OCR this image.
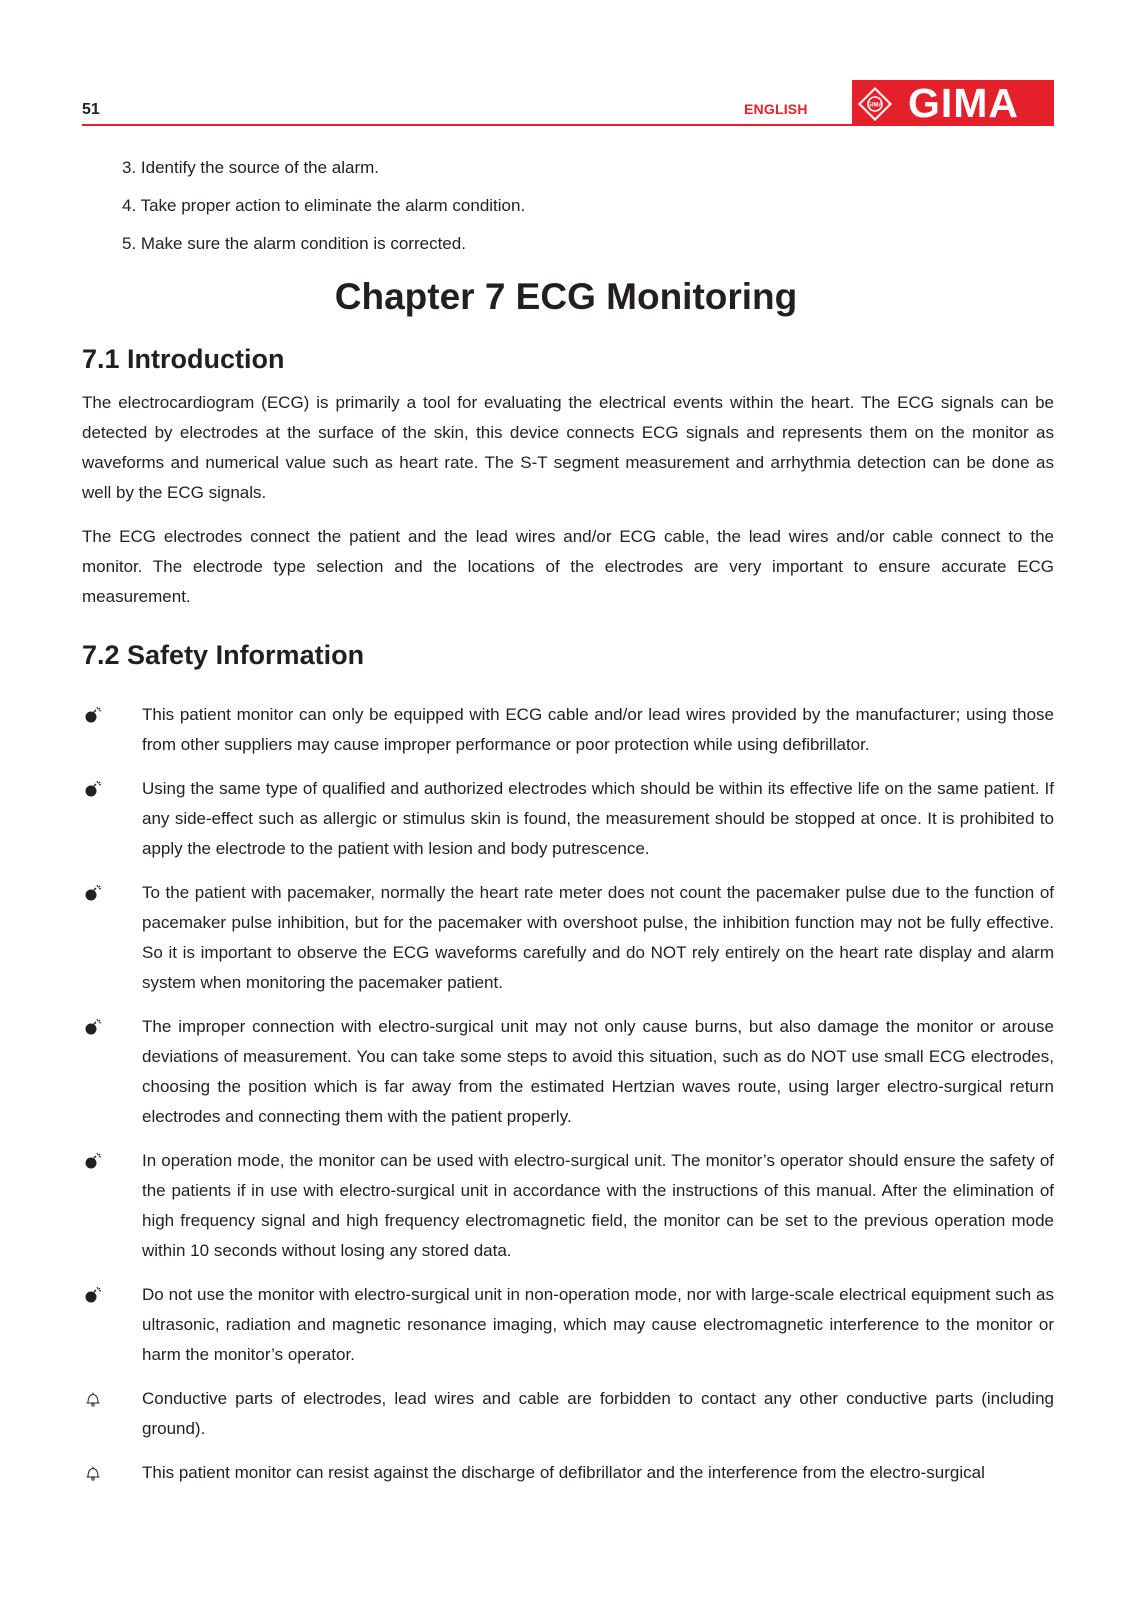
51	ENGLISH	GIMA GIMA
3. Identify the source of the alarm.
4. Take proper action to eliminate the alarm condition.
5. Make sure the alarm condition is corrected.
Chapter 7 ECG Monitoring
7.1 Introduction

The electrocardiogram (ECG) is primarily a tool for evaluating the electrical events within the heart. The ECG signals can be detected by electrodes at the surface of the skin, this device connects ECG signals and represents them on the monitor as waveforms and numerical value such as heart rate. The S-T segment measurement and arrhythmia detection can be done as well by the ECG signals.

The ECG electrodes connect the patient and the lead wires and/or ECG cable, the lead wires and/or cable connect to the monitor. The electrode type selection and the locations of the electrodes are very important to ensure accurate ECG measurement.

7.2 Safety Information
This patient monitor can only be equipped with ECG cable and/or lead wires provided by the manufacturer; using those from other suppliers may cause improper performance or poor protection while using defibrillator.
Using the same type of qualified and authorized electrodes which should be within its effective life on the same patient. If any side-effect such as allergic or stimulus skin is found, the measurement should be stopped at once. It is prohibited to apply the electrode to the patient with lesion and body putrescence.
To the patient with pacemaker, normally the heart rate meter does not count the pacemaker pulse due to the function of pacemaker pulse inhibition, but for the pacemaker with overshoot pulse, the inhibition function may not be fully effective. So it is important to observe the ECG waveforms carefully and do NOT rely entirely on the heart rate display and alarm system when monitoring the pacemaker patient.
The improper connection with electro-surgical unit may not only cause burns, but also damage the monitor or arouse deviations of measurement. You can take some steps to avoid this situation, such as do NOT use small ECG electrodes, choosing the position which is far away from the estimated Hertzian waves route, using larger electro-surgical return electrodes and connecting them with the patient properly.
In operation mode, the monitor can be used with electro-surgical unit. The monitor’s operator should ensure the safety of the patients if in use with electro-surgical unit in accordance with the instructions of this manual. After the elimination of high frequency signal and high frequency electromagnetic field, the monitor can be set to the previous operation mode within 10 seconds without losing any stored data.
Do not use the monitor with electro-surgical unit in non-operation mode, nor with large-scale electrical equipment such as ultrasonic, radiation and magnetic resonance imaging, which may cause electromagnetic interference to the monitor or harm the monitor’s operator.
Conductive parts of electrodes, lead wires and cable are forbidden to contact any other conductive parts (including ground).
This patient monitor can resist against the discharge of defibrillator and the interference from the electro-surgical
